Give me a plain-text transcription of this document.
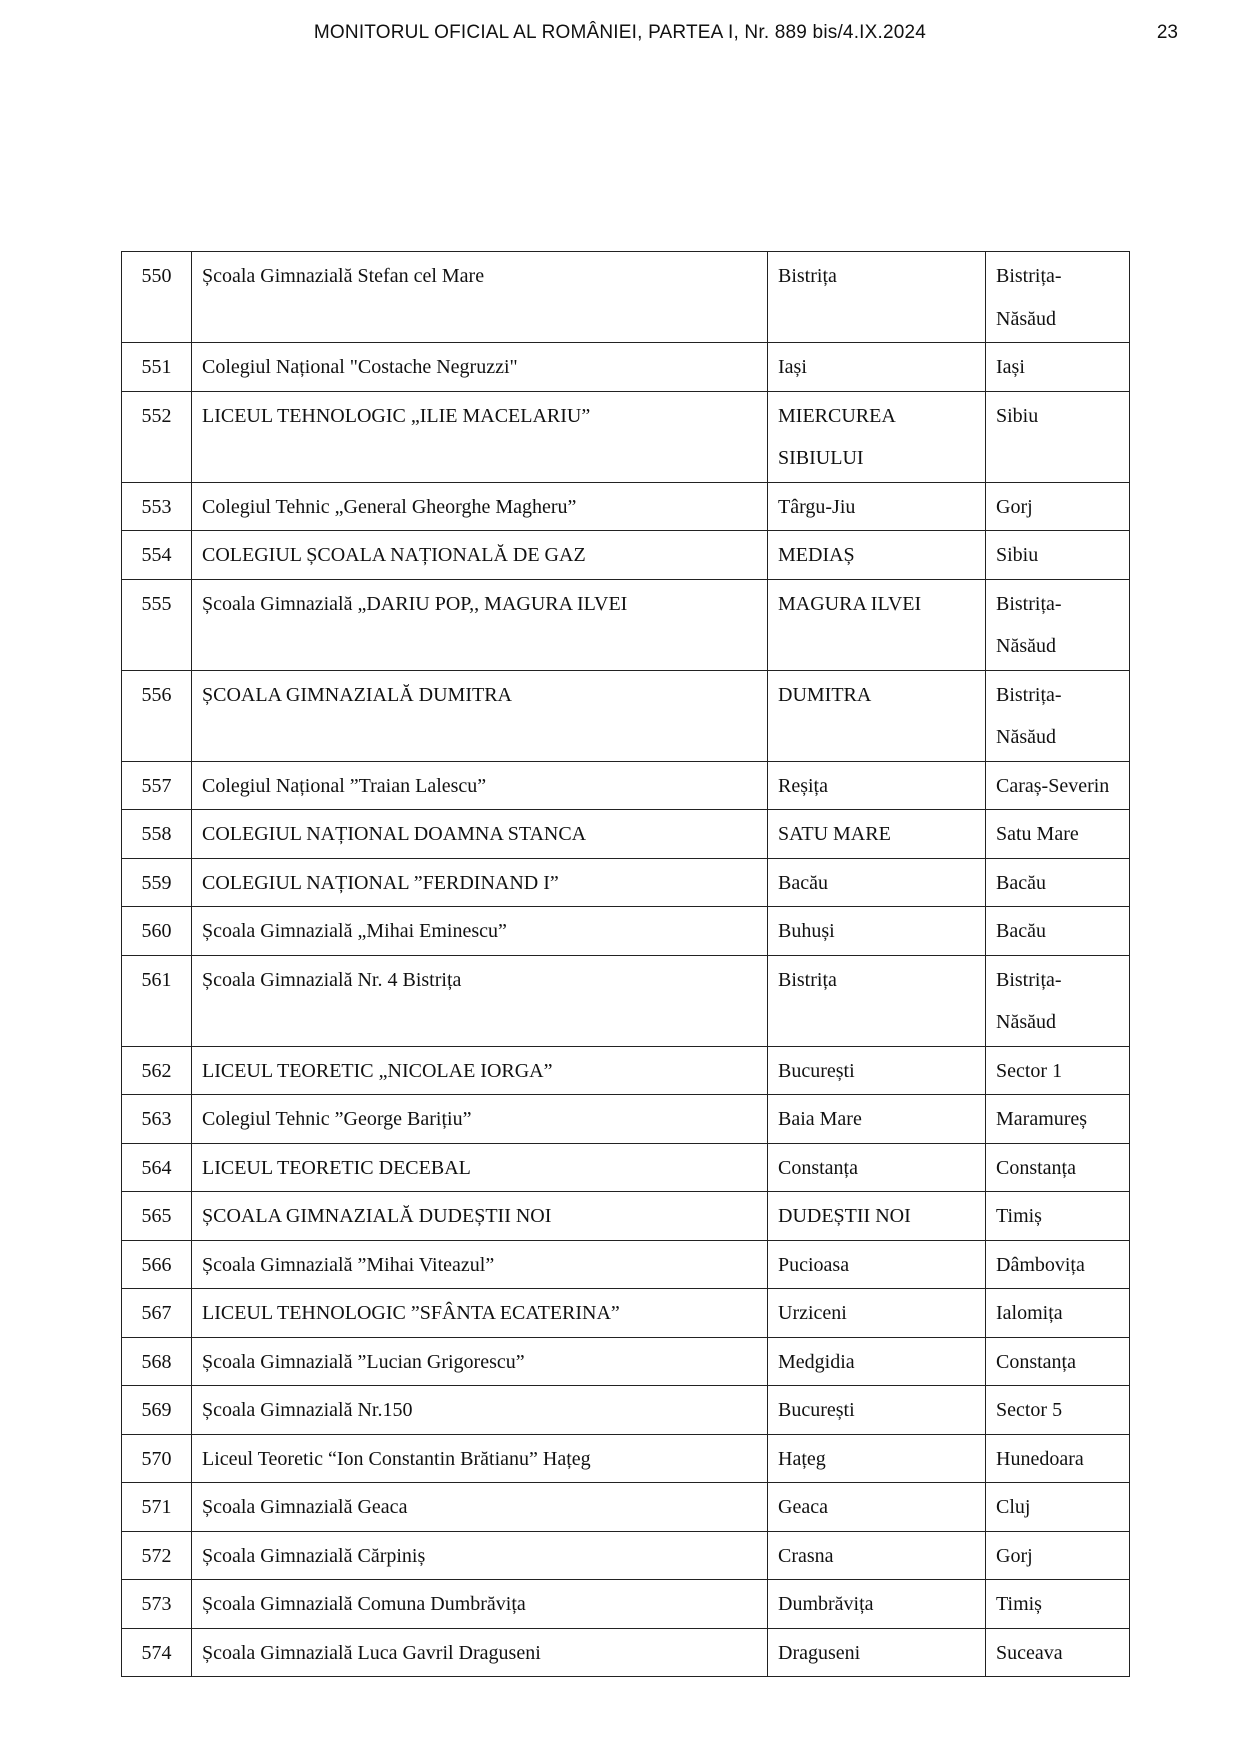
MONITORUL OFICIAL AL ROMÂNIEI, PARTEA I, Nr. 889 bis/4.IX.2024	23
550	Școala Gimnazială Stefan cel Mare	Bistrița	Bistrița-Năsăud
551	Colegiul Național "Costache Negruzzi"	Iași	Iași
552	LICEUL TEHNOLOGIC „ILIE MACELARIU”	MIERCUREA SIBIULUI	Sibiu
553	Colegiul Tehnic „General Gheorghe Magheru”	Târgu-Jiu	Gorj
554	COLEGIUL ȘCOALA NAȚIONALĂ DE GAZ	MEDIAȘ	Sibiu
555	Școala Gimnazială „DARIU POP,, MAGURA ILVEI	MAGURA ILVEI	Bistrița-Năsăud
556	ȘCOALA GIMNAZIALĂ DUMITRA	DUMITRA	Bistrița-Năsăud
557	Colegiul Național ”Traian Lalescu”	Reșița	Caraș-Severin
558	COLEGIUL NAȚIONAL DOAMNA STANCA	SATU MARE	Satu Mare
559	COLEGIUL NAȚIONAL ”FERDINAND I”	Bacău	Bacău
560	Școala Gimnazială „Mihai Eminescu”	Buhuși	Bacău
561	Școala Gimnazială Nr. 4 Bistrița	Bistrița	Bistrița-Năsăud
562	LICEUL TEORETIC „NICOLAE IORGA”	București	Sector 1
563	Colegiul Tehnic ”George Barițiu”	Baia Mare	Maramureș
564	LICEUL TEORETIC DECEBAL	Constanța	Constanța
565	ȘCOALA GIMNAZIALĂ DUDEȘTII NOI	DUDEȘTII NOI	Timiș
566	Școala Gimnazială ”Mihai Viteazul”	Pucioasa	Dâmbovița
567	LICEUL TEHNOLOGIC ”SFÂNTA ECATERINA”	Urziceni	Ialomița
568	Școala Gimnazială ”Lucian Grigorescu”	Medgidia	Constanța
569	Școala Gimnazială Nr.150	București	Sector 5
570	Liceul Teoretic “Ion Constantin Brătianu” Hațeg	Hațeg	Hunedoara
571	Școala Gimnazială Geaca	Geaca	Cluj
572	Școala Gimnazială Cărpiniș	Crasna	Gorj
573	Școala Gimnazială Comuna Dumbrăvița	Dumbrăvița	Timiș
574	Școala Gimnazială Luca Gavril Draguseni	Draguseni	Suceava
